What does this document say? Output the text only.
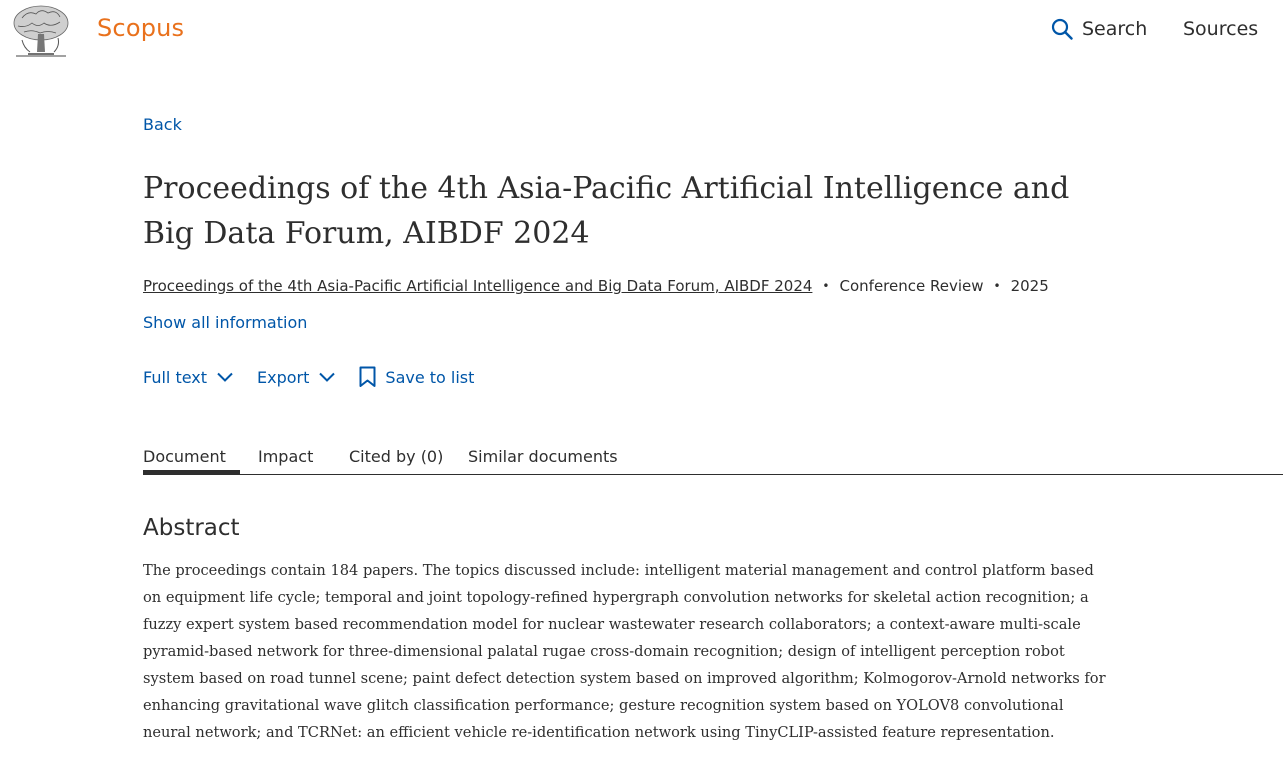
Scopus	Search Sources
Back
Proceedings of the 4th Asia-Pacific Artificial Intelligence and Big Data Forum, AIBDF 2024
Proceedings of the 4th Asia-Pacific Artificial Intelligence and Big Data Forum, AIBDF 2024 • Conference Review • 2025
Show all information
Full text	Export	Save to list
Document	Impact Cited by (0) Similar documents
Abstract

The proceedings contain 184 papers. The topics discussed include: intelligent material management and control platform based on equipment life cycle; temporal and joint topology-refined hypergraph convolution networks for skeletal action recognition; a fuzzy expert system based recommendation model for nuclear wastewater research collaborators; a context-aware multi-scale pyramid-based network for three-dimensional palatal rugae cross-domain recognition; design of intelligent perception robot system based on road tunnel scene; paint defect detection system based on improved algorithm; Kolmogorov-Arnold networks for enhancing gravitational wave glitch classification performance; gesture recognition system based on YOLOV8 convolutional neural network; and TCRNet: an efficient vehicle re-identification network using TinyCLIP-assisted feature representation.
